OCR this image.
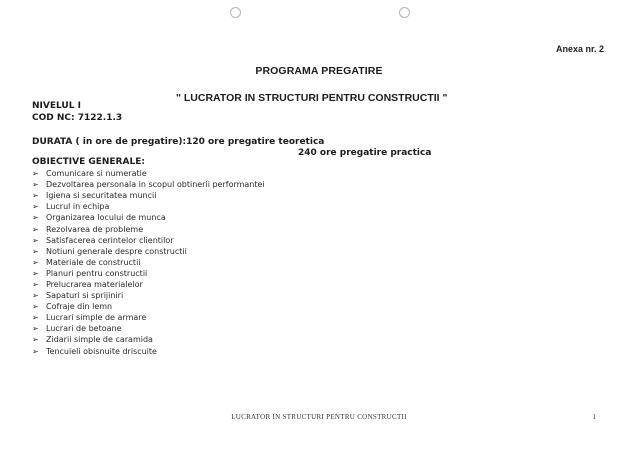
Anexa nr. 2
PROGRAMA PREGATIRE
" LUCRATOR IN STRUCTURI PENTRU CONSTRUCTII "
NIVELUL I
COD NC: 7122.1.3
DURATA ( in ore de pregatire):120 ore pregatire teoretica
240 ore pregatire practica
OBIECTIVE GENERALE:
➢ Comunicare si numeratie
➢ Dezvoltarea personala in scopul obtinerii performantei
➢ Igiena si securitatea muncii
➢ Lucrul in echipa
➢ Organizarea locului de munca
➢ Rezolvarea de probleme
➢ Satisfacerea cerintelor clientilor
➢ Notiuni generale despre constructii
➢ Materiale de constructii
➢ Planuri pentru constructii
➢ Prelucrarea materialelor
➢ Sapaturi si sprijiniri
➢ Cofraje din lemn
➢ Lucrari simple de armare
➢ Lucrari de betoane
➢ Zidarii simple de caramida
➢ Tencuieli obisnuite driscuite
LUCRATOR IN STRUCTURI PENTRU CONSTRUCTII	1
